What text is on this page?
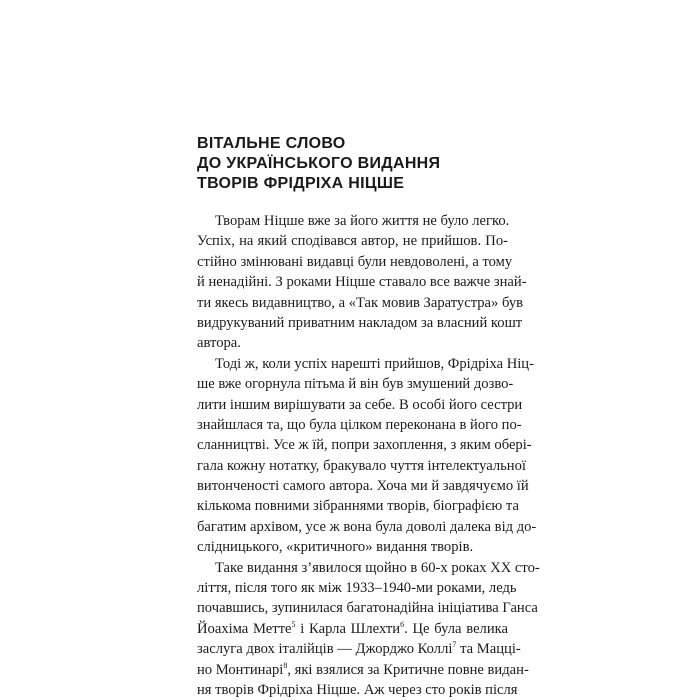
ВІТАЛЬНЕ СЛОВО
ДО УКРАЇНСЬКОГО ВИДАННЯ
ТВОРІВ ФРІДРІХА НІЦШЕ
Творам Ніцше вже за його життя не було легко.
Успіх, на який сподівався автор, не прийшов. По-
стійно змінювані видавці були невдоволені, а тому
й ненадійні. З роками Ніцше ставало все важче знай-
ти якесь видавництво, а «Так мовив Заратустра» був
видрукуваний приватним накладом за власний кошт
автора.
Тоді ж, коли успіх нарешті прийшов, Фрідріха Ніц-
ше вже огорнула пітьма й він був змушений дозво-
лити іншим вирішувати за себе. В особі його сестри
знайшлася та, що була цілком переконана в його по-
сланництві. Усе ж їй, попри захоплення, з яким обері-
гала кожну нотатку, бракувало чуття інтелектуальної
витонченості самого автора. Хоча ми й завдячуємо їй
кількома повними зібраннями творів, біографією та
багатим архівом, усе ж вона була доволі далека від до-
слідницького, «критичного» видання творів.
Таке видання з’явилося щойно в 60-х роках XX сто-
ліття, після того як між 1933–1940-ми роками, ледь
почавшись, зупинилася багатонадійна ініціатива Ганса
Йоахіма Метте$^5$ і Карла Шлехти$^6$. Це була велика
заслуга двох італійців — Джорджо Коллі$^7$ та Мацці-
но Монтинарі$^8$, які взялися за Критичне повне видан-
ня творів Фрідріха Ніцше. Аж через сто років після
